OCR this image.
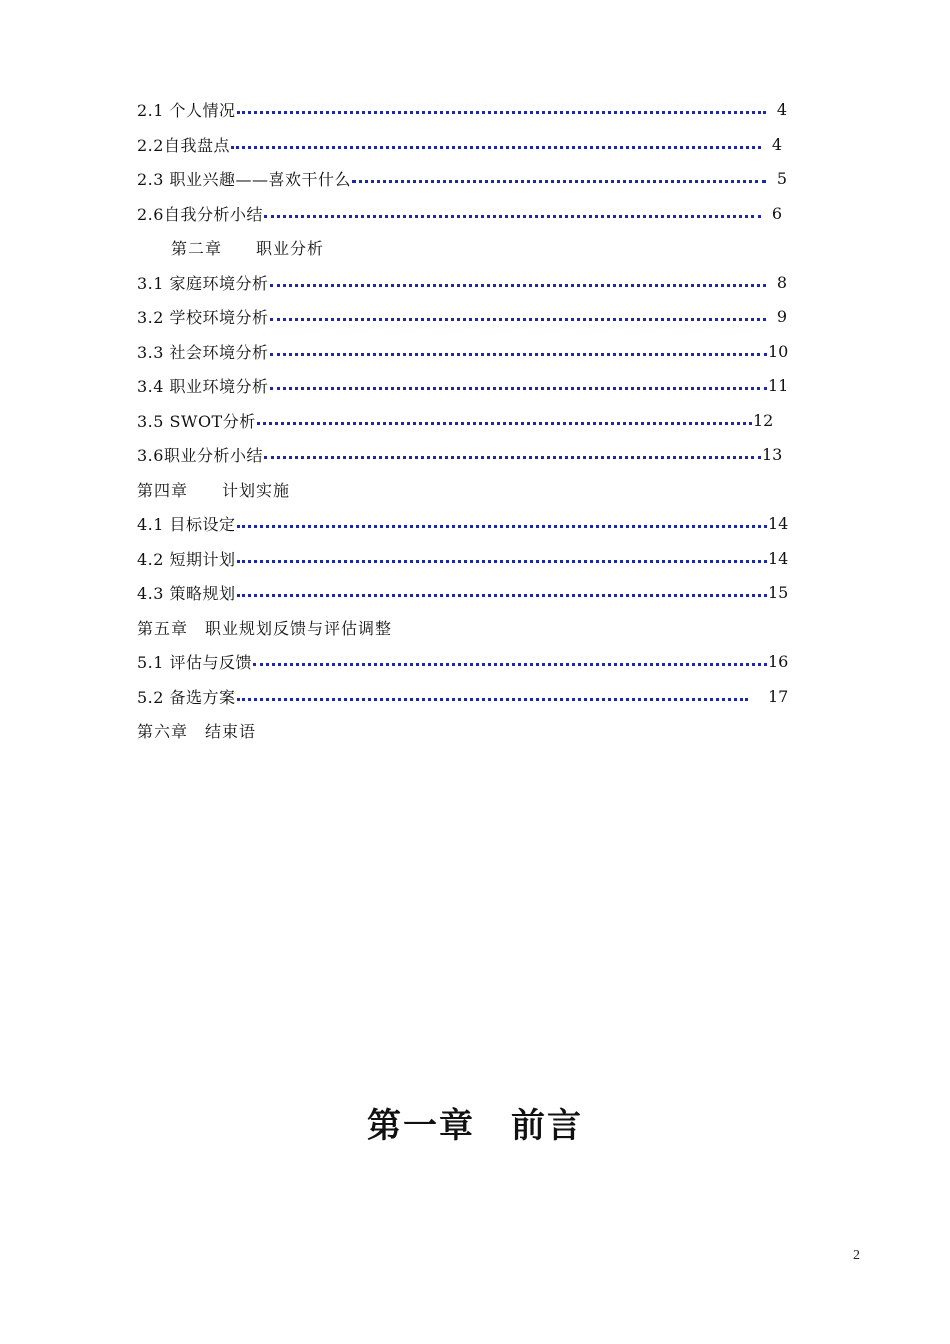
2.1 个人情况	4
2.2自我盘点	4
2.3 职业兴趣——喜欢干什么	5
2.6自我分析小结	6
第二章　　职业分析
3.1 家庭环境分析	8
3.2 学校环境分析	9
3.3 社会环境分析	10
3.4 职业环境分析	11
3.5 SWOT分析	12
3.6职业分析小结	13
第四章　　计划实施
4.1 目标设定	14
4.2 短期计划	14
4.3 策略规划	15
第五章　职业规划反馈与评估调整
5.1 评估与反馈	16
5.2 备选方案	17
第六章　结束语
第一章　前言
2
